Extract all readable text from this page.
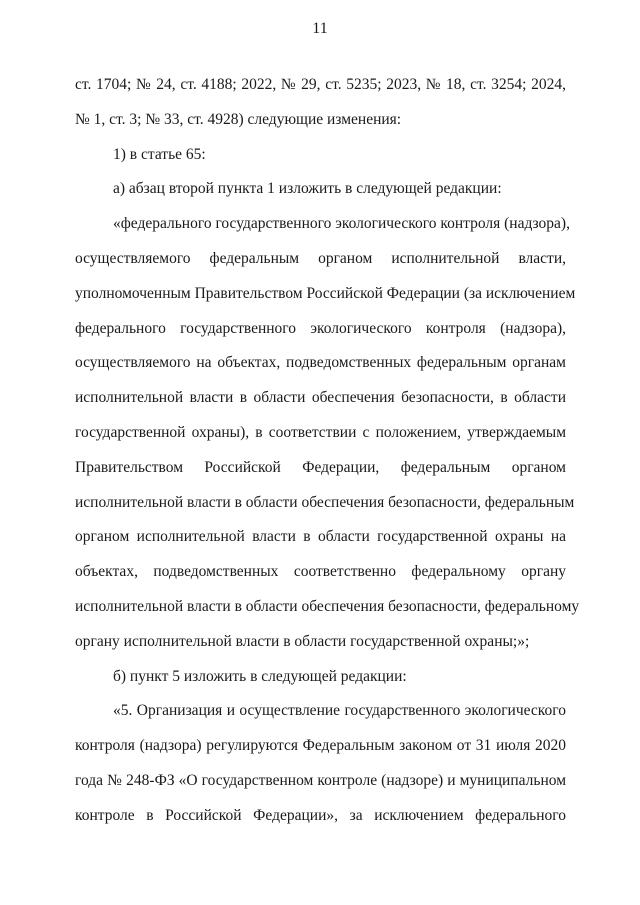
11
ст. 1704; № 24, ст. 4188; 2022, № 29, ст. 5235; 2023, № 18, ст. 3254; 2024,
№ 1, ст. 3; № 33, ст. 4928) следующие изменения:
1) в статье 65:
а) абзац второй пункта 1 изложить в следующей редакции:
«федерального государственного экологического контроля (надзора),
осуществляемого федеральным органом исполнительной власти,
уполномоченным Правительством Российской Федерации (за исключением
федерального государственного экологического контроля (надзора),
осуществляемого на объектах, подведомственных федеральным органам
исполнительной власти в области обеспечения безопасности, в области
государственной охраны), в соответствии с положением, утверждаемым
Правительством Российской Федерации, федеральным органом
исполнительной власти в области обеспечения безопасности, федеральным
органом исполнительной власти в области государственной охраны на
объектах, подведомственных соответственно федеральному органу
исполнительной власти в области обеспечения безопасности, федеральному
органу исполнительной власти в области государственной охраны;»;
б) пункт 5 изложить в следующей редакции:
«5. Организация и осуществление государственного экологического
контроля (надзора) регулируются Федеральным законом от 31 июля 2020
года № 248-ФЗ «О государственном контроле (надзоре) и муниципальном
контроле в Российской Федерации», за исключением федерального
